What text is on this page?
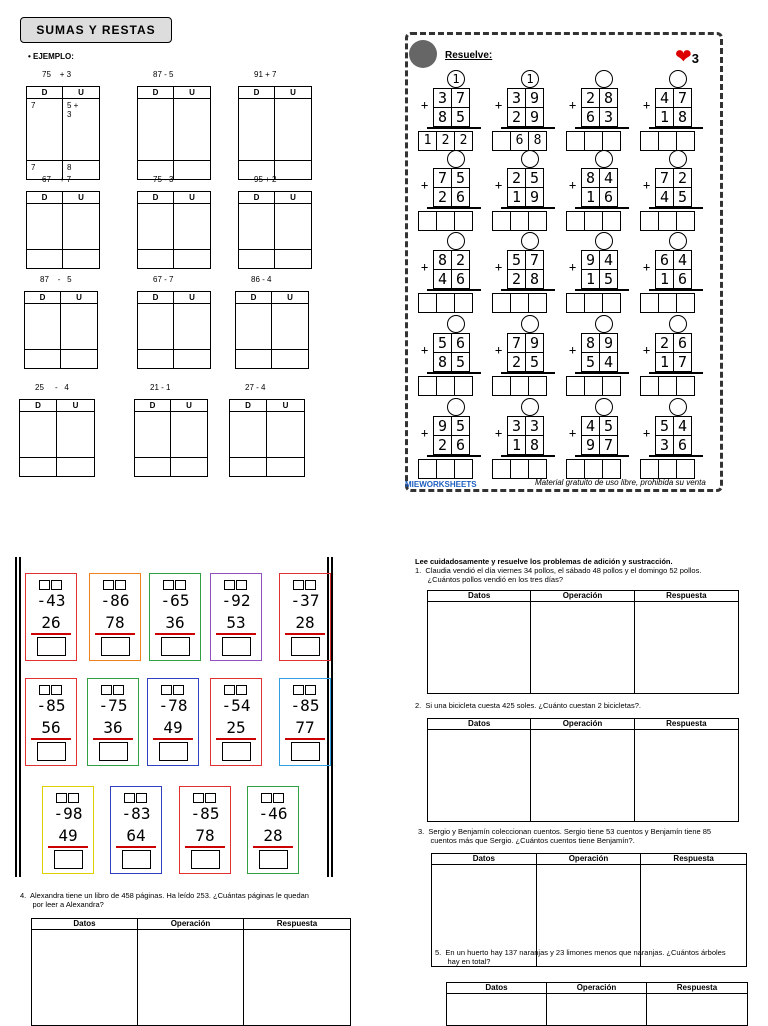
SUMAS Y RESTAS
• EJEMPLO:
75    + 3
D	U
7	5 +
3
7	8
87 - 5
D	U
91 + 7
D	U
67    + 7
D	U
75 - 3
D	U
95 + 2
D	U
87    -   5
D	U
67 - 7
D	U
86 - 4
D	U
25     -   4
D	U
21 - 1
D	U
27 - 4
D	U
Resuelve:	❤3
1
+ 3 7
8 5
1 2 2
1
+ 3 9
2 9
6 8
+ 2 8
6 3
+ 4 7
1 8
+ 7 5
2 6
+ 2 5
1 9
+ 8 4
1 6
+ 7 2
4 5
+ 8 2
4 6
+ 5 7
2 8
+ 9 4
1 5
+ 6 4
1 6
+ 5 6
8 5
+ 7 9
2 5
+ 8 9
5 4
+ 2 6
1 7
+ 9 5
2 6
+ 3 3
1 8
+ 4 5
9 7
+ 5 4
3 6
MIEWORKSHEETS	Material gratuito de uso libre, prohibida su venta
-43
26
-86
78
-65
36
-92
53
-37
28
-85
56
-75
36
-78
49
-54
25
-85
77
-98
49
-83
64
-85
78
-46
28
Lee cuidadosamente y resuelve los problemas de adición y sustracción.
1.  Claudia vendió el día viernes 34 pollos, el sábado 48 pollos y el domingo 52 pollos.
¿Cuántos pollos vendió en los tres días?
Datos	Operación	Respuesta
2.  Si una bicicleta cuesta 425 soles. ¿Cuánto cuestan 2 bicicletas?.
Datos	Operación	Respuesta
3.  Sergio y Benjamín coleccionan cuentos. Sergio tiene 53 cuentos y Benjamín tiene 85
cuentos más que Sergio. ¿Cuántos cuentos tiene Benjamín?.
Datos	Operación	Respuesta
4.  Alexandra tiene un libro de 458 páginas. Ha leído 253. ¿Cuántas páginas le quedan
por leer a Alexandra?
Datos	Operación	Respuesta
5.  En un huerto hay 137 naranjas y 23 limones menos que naranjas. ¿Cuántos árboles
hay en total?
Datos	Operación	Respuesta
